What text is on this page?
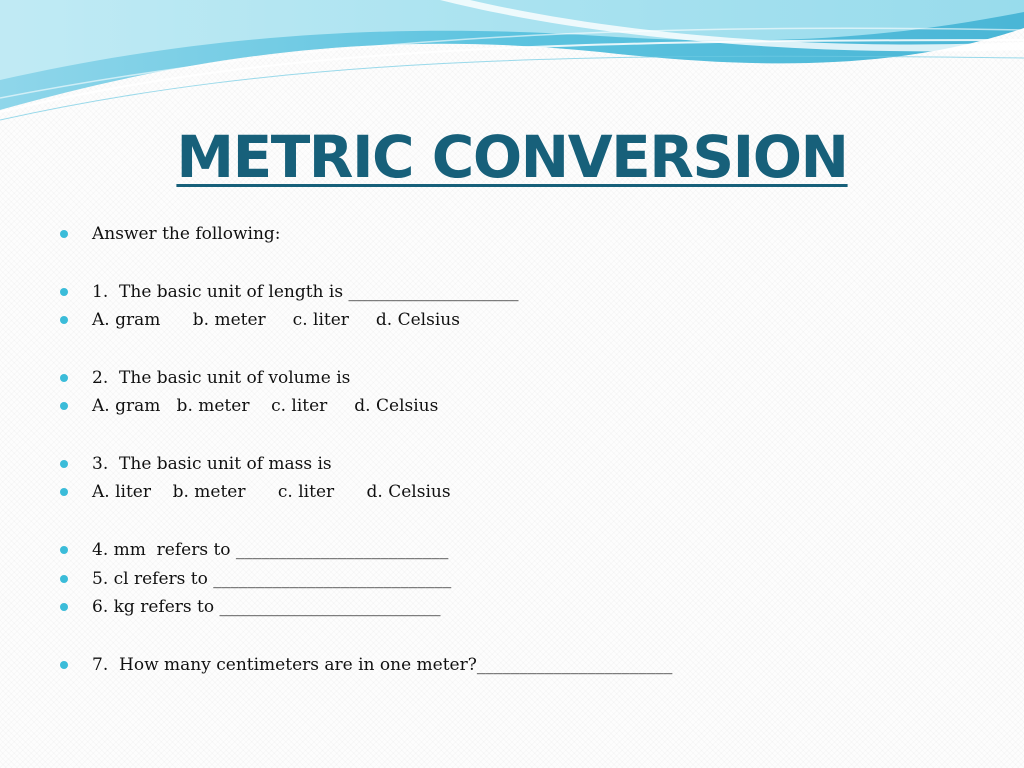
METRIC CONVERSION
Answer the following:
1.  The basic unit of length is ____________________
A. gram      b. meter     c. liter     d. Celsius
2.  The basic unit of volume is
A. gram   b. meter    c. liter     d. Celsius
3.  The basic unit of mass is
A. liter    b. meter      c. liter      d. Celsius
4. mm  refers to _________________________
5. cl refers to ____________________________
6. kg refers to __________________________
7.  How many centimeters are in one meter?_______________________
